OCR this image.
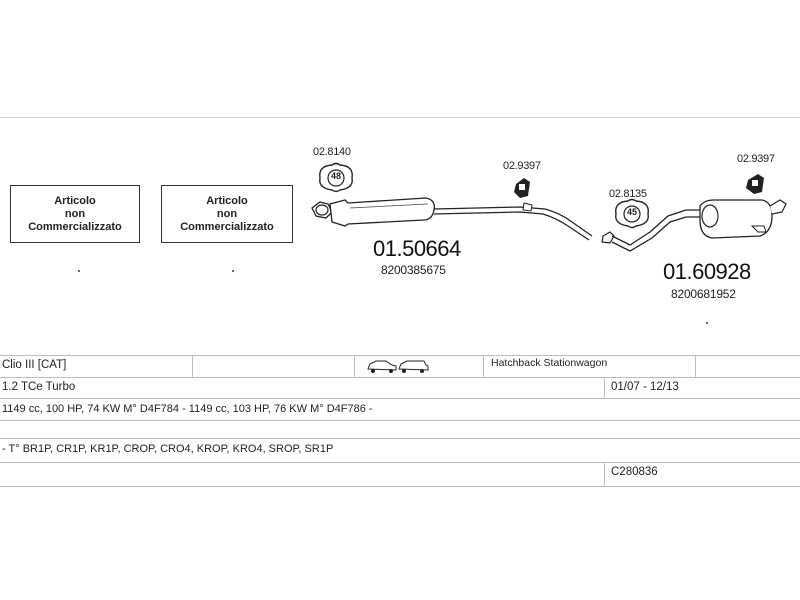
Articolo
non
Commercializzato
Articolo
non
Commercializzato
48
45
02.8140
02.9397
02.8135
02.9397
01.50664
8200385675	01.60928
8200681952
Clio III [CAT]	Hatchback Stationwagon
1.2 TCe Turbo	01/07 - 12/13
1149 cc, 100 HP, 74 KW M° D4F784 - 1149 cc, 103 HP, 76 KW M° D4F786 -
- T° BR1P, CR1P, KR1P, CROP, CRO4, KROP, KRO4, SROP, SR1P
C280836
